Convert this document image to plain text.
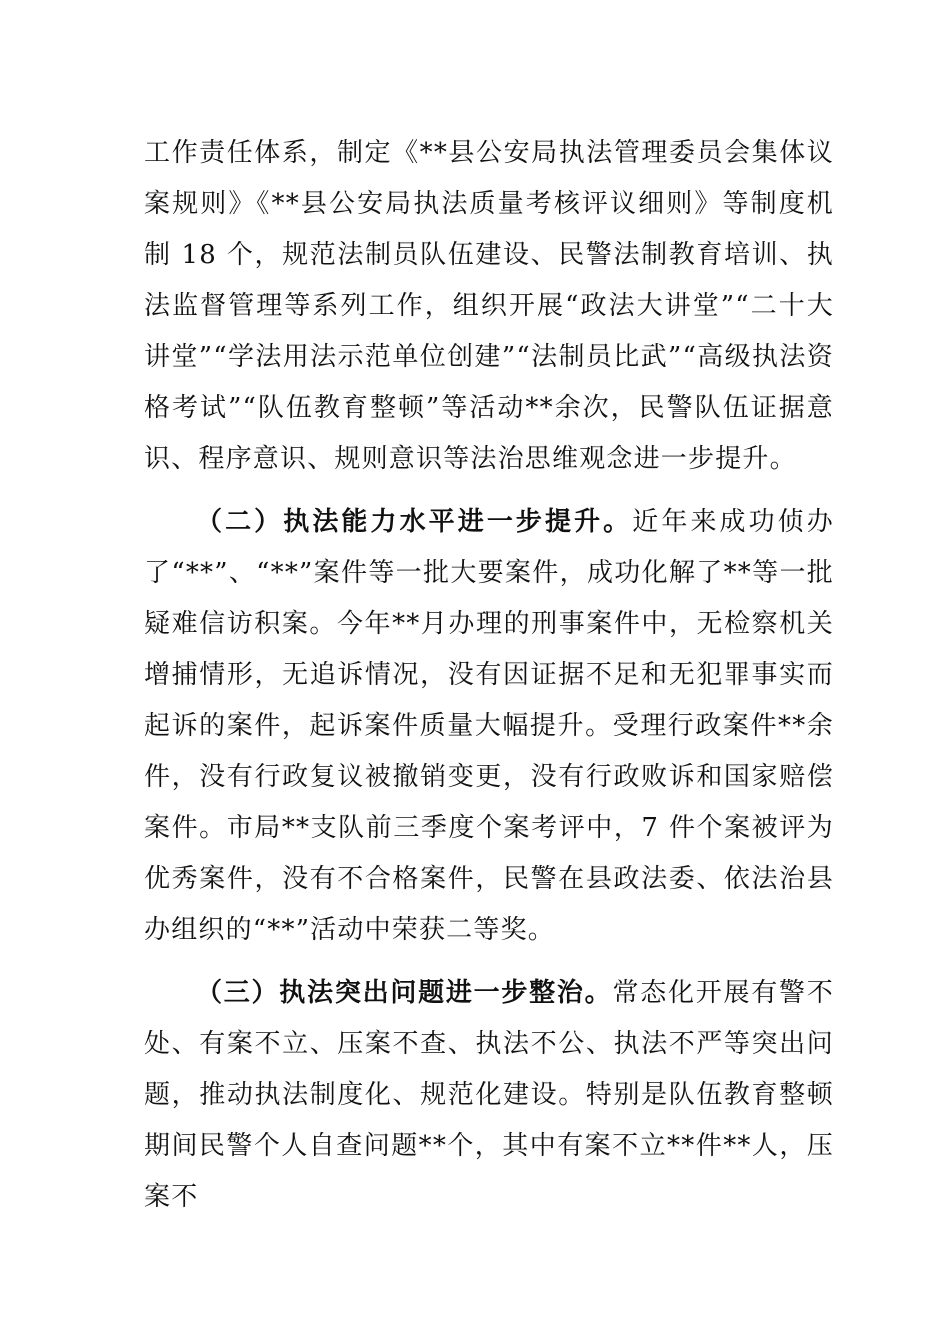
工作责任体系，制定《**县公安局执法管理委员会集体议案规则》《**县公安局执法质量考核评议细则》等制度机制 18 个，规范法制员队伍建设、民警法制教育培训、执法监督管理等系列工作，组织开展“政法大讲堂”“二十大讲堂”“学法用法示范单位创建”“法制员比武”“高级执法资格考试”“队伍教育整顿”等活动**余次，民警队伍证据意识、程序意识、规则意识等法治思维观念进一步提升。

（二）执法能力水平进一步提升。近年来成功侦办了“**”、“**”案件等一批大要案件，成功化解了**等一批疑难信访积案。今年**月办理的刑事案件中，无检察机关增捕情形，无追诉情况，没有因证据不足和无犯罪事实而起诉的案件，起诉案件质量大幅提升。受理行政案件**余件，没有行政复议被撤销变更，没有行政败诉和国家赔偿案件。市局**支队前三季度个案考评中，7 件个案被评为优秀案件，没有不合格案件，民警在县政法委、依法治县办组织的“**”活动中荣获二等奖。

（三）执法突出问题进一步整治。常态化开展有警不处、有案不立、压案不查、执法不公、执法不严等突出问题，推动执法制度化、规范化建设。特别是队伍教育整顿期间民警个人自查问题**个，其中有案不立**件**人，压案不
